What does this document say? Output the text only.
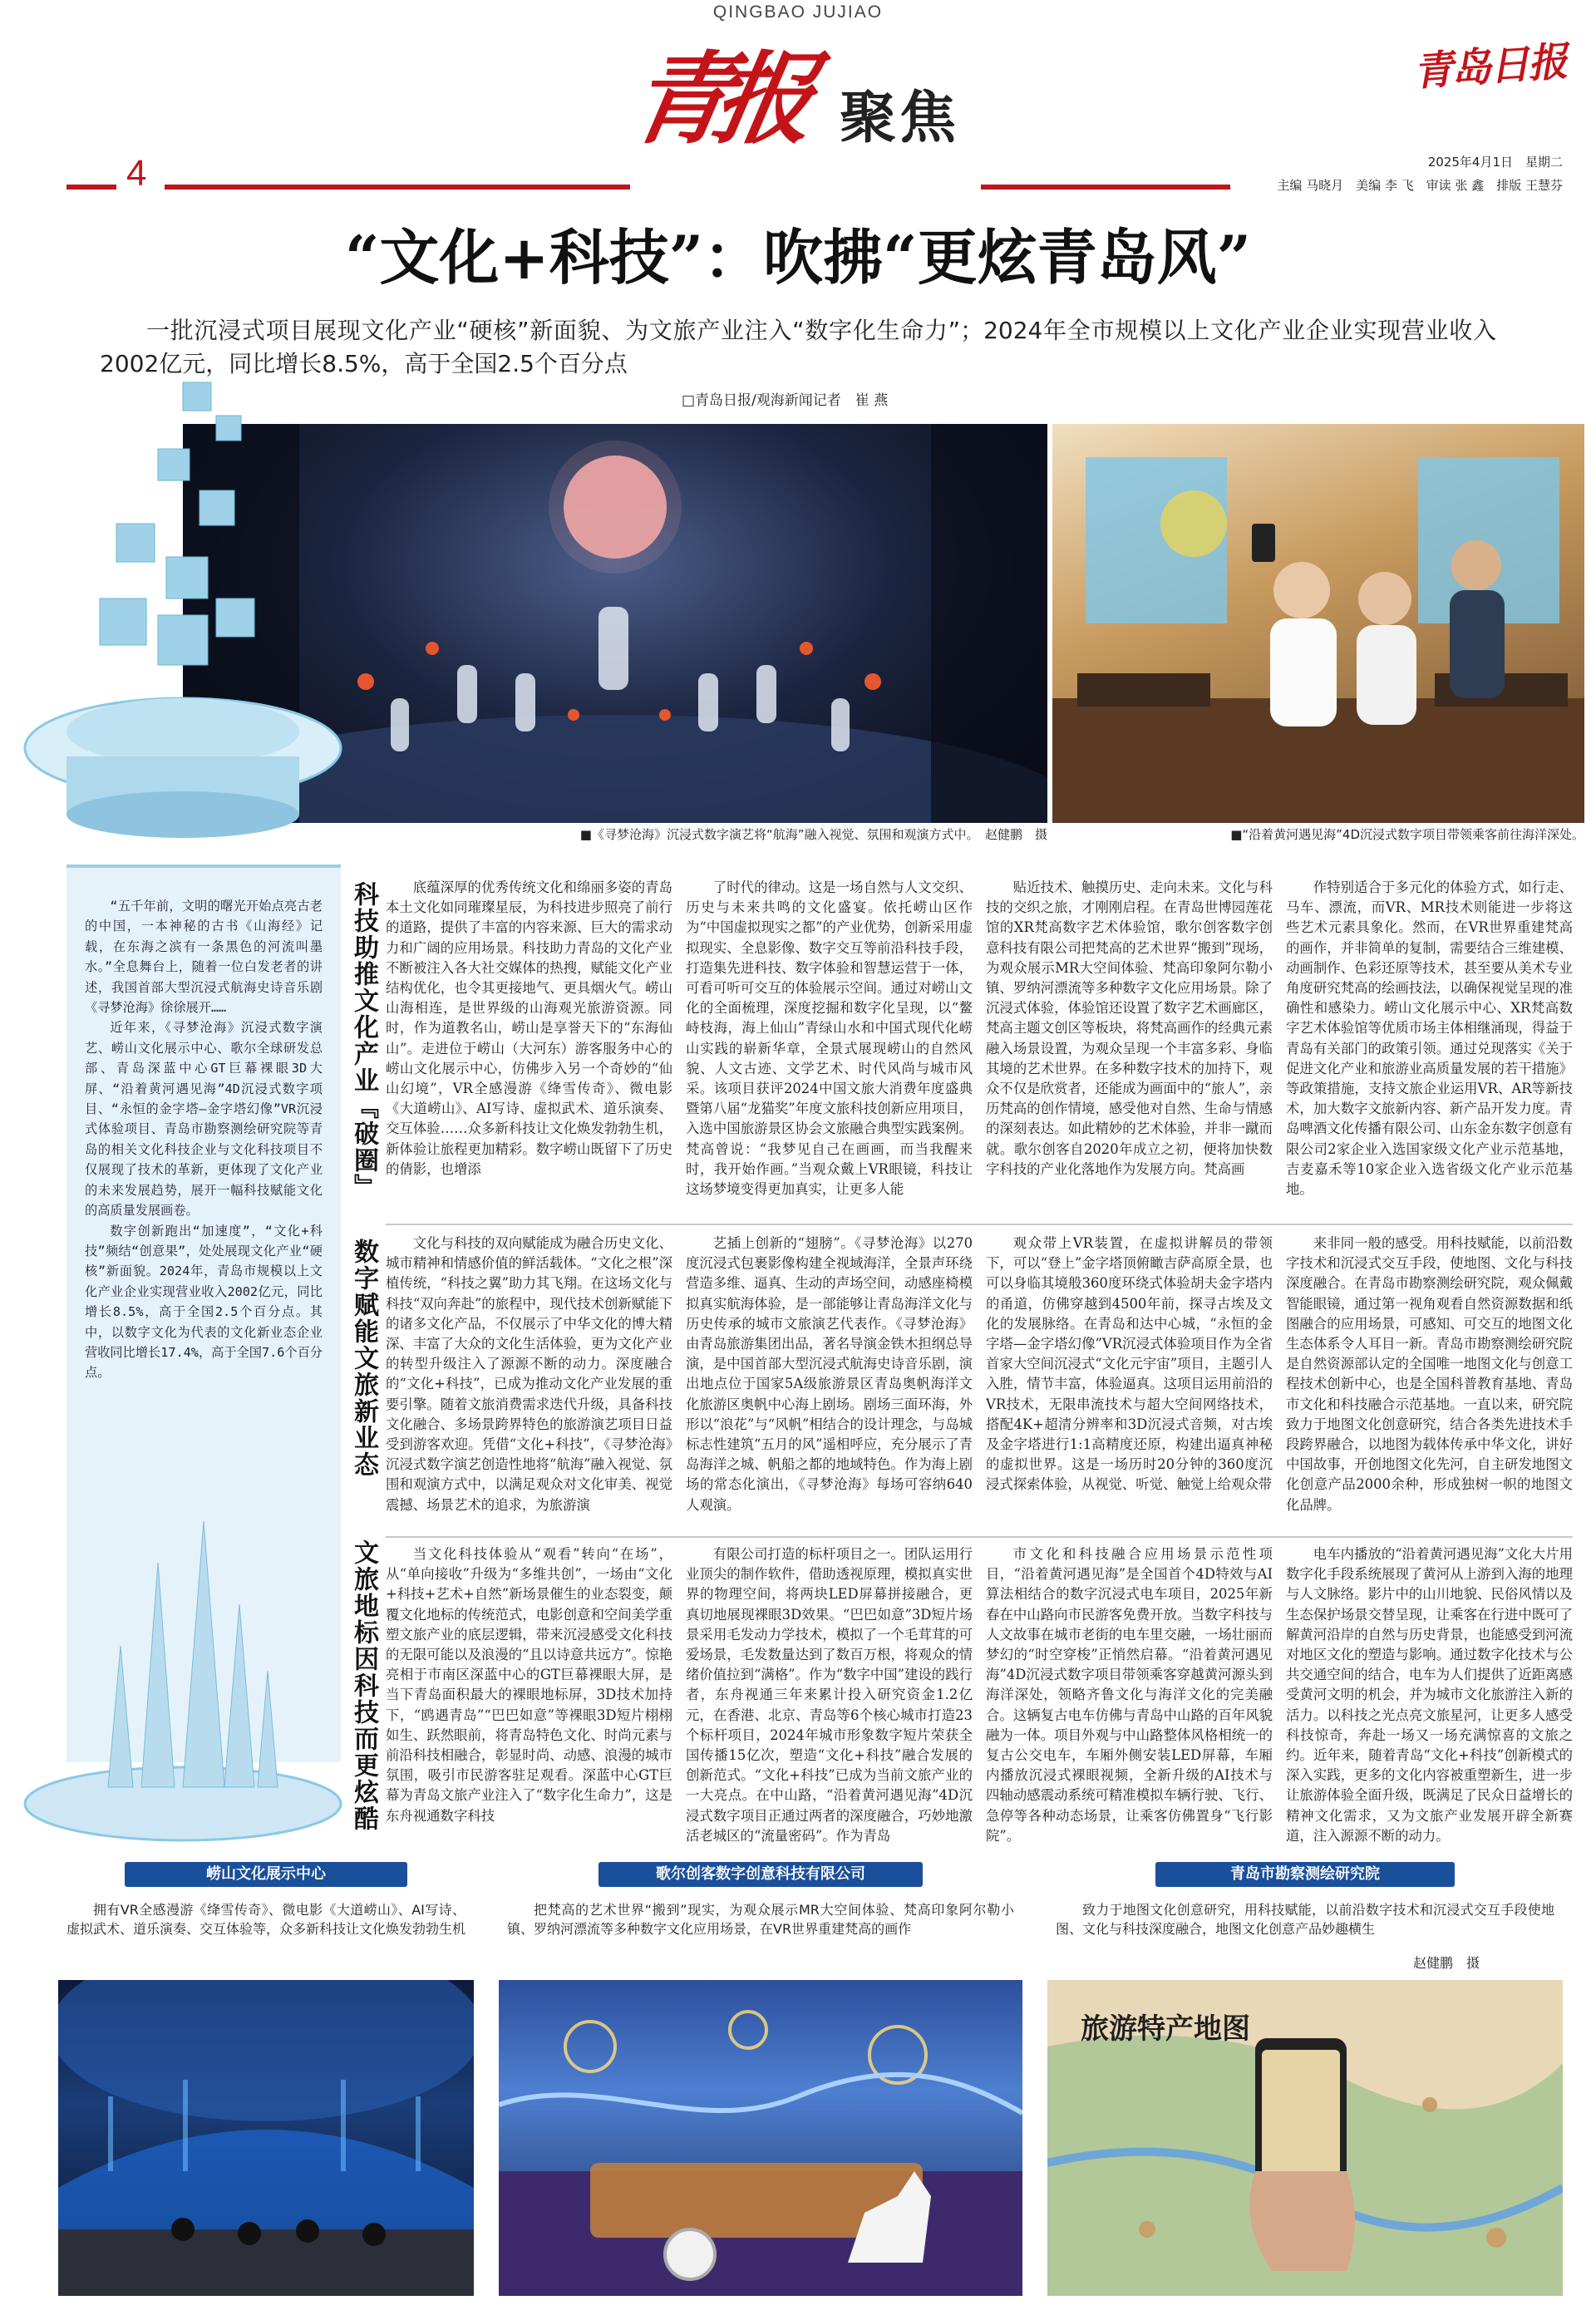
QINGBAO JUJIAO
青岛日报
青报 聚焦
4	2025年4月1日　星期二
主编 马晓月　美编 李 飞　审读 张 鑫　排版 王慧芬
“文化+科技”：吹拂“更炫青岛风”
一批沉浸式项目展现文化产业“硬核”新面貌、为文旅产业注入“数字化生命力”；2024年全市规模以上文化产业企业实现营业收入2002亿元，同比增长8.5%，高于全国2.5个百分点
□青岛日报/观海新闻记者　崔 燕
■《寻梦沧海》沉浸式数字演艺将“航海”融入视觉、氛围和观演方式中。　赵健鹏　摄	■“沿着黄河遇见海”4D沉浸式数字项目带领乘客前往海洋深处。

“五千年前，文明的曙光开始点亮古老的中国，一本神秘的古书《山海经》记载，在东海之滨有一条黑色的河流叫墨水。”全息舞台上，随着一位白发老者的讲述，我国首部大型沉浸式航海史诗音乐剧《寻梦沧海》徐徐展开……

近年来，《寻梦沧海》沉浸式数字演艺、崂山文化展示中心、歌尔全球研发总部、青岛深蓝中心GT巨幕裸眼3D大屏、“沿着黄河遇见海”4D沉浸式数字项目、“永恒的金字塔—金字塔幻像”VR沉浸式体验项目、青岛市勘察测绘研究院等青岛的相关文化科技企业与文化科技项目不仅展现了技术的革新，更体现了文化产业的未来发展趋势，展开一幅科技赋能文化的高质量发展画卷。

数字创新跑出“加速度”，“文化+科技”频结“创意果”，处处展现文化产业“硬核”新面貌。2024年，青岛市规模以上文化产业企业实现营业收入2002亿元，同比增长8.5%，高于全国2.5个百分点。其中，以数字文化为代表的文化新业态企业营收同比增长17.4%，高于全国7.6个百分点。

科技助推文化产业『破圈』
数字赋能文旅新业态
文旅地标因科技而更炫酷

底蕴深厚的优秀传统文化和绵丽多姿的青岛本土文化如同璀璨星辰，为科技进步照亮了前行的道路，提供了丰富的内容来源、巨大的需求动力和广阔的应用场景。科技助力青岛的文化产业不断被注入各大社交媒体的热搜，赋能文化产业结构优化，也令其更接地气、更具烟火气。崂山山海相连，是世界级的山海观光旅游资源。同时，作为道教名山，崂山是享誉天下的“东海仙山”。走进位于崂山（大河东）游客服务中心的崂山文化展示中心，仿佛步入另一个奇妙的“仙山幻境”，VR全感漫游《绛雪传奇》、微电影《大道崂山》、AI写诗、虚拟武术、道乐演奏、交互体验……众多新科技让文化焕发勃勃生机，新体验让旅程更加精彩。数字崂山既留下了历史的倩影，也增添

了时代的律动。这是一场自然与人文交织、历史与未来共鸣的文化盛宴。依托崂山区作为“中国虚拟现实之都”的产业优势，创新采用虚拟现实、全息影像、数字交互等前沿科技手段，打造集先进科技、数字体验和智慧运营于一体，可看可听可交互的体验展示空间。通过对崂山文化的全面梳理，深度挖掘和数字化呈现，以“鳌峙枝海，海上仙山”青绿山水和中国式现代化崂山实践的崭新华章，全景式展现崂山的自然风貌、人文古迹、文学艺术、时代风尚与城市风采。该项目获评2024中国文旅大消费年度盛典暨第八届“龙猫奖”年度文旅科技创新应用项目，入选中国旅游景区协会文旅融合典型实践案例。梵高曾说：“我梦见自己在画画，而当我醒来时，我开始作画。”当观众戴上VR眼镜，科技让这场梦境变得更加真实，让更多人能

贴近技术、触摸历史、走向未来。文化与科技的交织之旅，才刚刚启程。在青岛世博园莲花馆的XR梵高数字艺术体验馆，歌尔创客数字创意科技有限公司把梵高的艺术世界“搬到”现场，为观众展示MR大空间体验、梵高印象阿尔勒小镇、罗纳河漂流等多种数字文化应用场景。除了沉浸式体验，体验馆还设置了数字艺术画廊区，梵高主题文创区等板块，将梵高画作的经典元素融入场景设置，为观众呈现一个丰富多彩、身临其境的艺术世界。在多种数字技术的加持下，观众不仅是欣赏者，还能成为画面中的“旅人”，亲历梵高的创作情境，感受他对自然、生命与情感的深刻表达。如此精妙的艺术体验，并非一蹴而就。歌尔创客自2020年成立之初，便将加快数字科技的产业化落地作为发展方向。梵高画

作特别适合于多元化的体验方式，如行走、马车、漂流，而VR、MR技术则能进一步将这些艺术元素具象化。然而，在VR世界重建梵高的画作，并非简单的复制，需要结合三维建模、动画制作、色彩还原等技术，甚至要从美术专业角度研究梵高的绘画技法，以确保视觉呈现的准确性和感染力。崂山文化展示中心、XR梵高数字艺术体验馆等优质市场主体相继涌现，得益于青岛有关部门的政策引领。通过兑现落实《关于促进文化产业和旅游业高质量发展的若干措施》等政策措施，支持文旅企业运用VR、AR等新技术，加大数字文旅新内容、新产品开发力度。青岛啤酒文化传播有限公司、山东金东数字创意有限公司2家企业入选国家级文化产业示范基地，吉麦嘉禾等10家企业入选省级文化产业示范基地。

文化与科技的双向赋能成为融合历史文化、城市精神和情感价值的鲜活载体。“文化之根”深植传统，“科技之翼”助力其飞翔。在这场文化与科技“双向奔赴”的旅程中，现代技术创新赋能下的诸多文化产品，不仅展示了中华文化的博大精深、丰富了大众的文化生活体验，更为文化产业的转型升级注入了源源不断的动力。深度融合的“文化+科技”，已成为推动文化产业发展的重要引擎。随着文旅消费需求迭代升级，具备科技文化融合、多场景跨界特色的旅游演艺项目日益受到游客欢迎。凭借“文化+科技”，《寻梦沧海》沉浸式数字演艺创造性地将“航海”融入视觉、氛围和观演方式中，以满足观众对文化审美、视觉震撼、场景艺术的追求，为旅游演

艺插上创新的“翅膀”。《寻梦沧海》以270度沉浸式包裹影像构建全视域海洋，全景声环绕营造多维、逼真、生动的声场空间，动感座椅模拟真实航海体验，是一部能够让青岛海洋文化与历史传承的城市文旅演艺代表作。《寻梦沧海》由青岛旅游集团出品，著名导演金铁木担纲总导演，是中国首部大型沉浸式航海史诗音乐剧，演出地点位于国家5A级旅游景区青岛奥帆海洋文化旅游区奥帆中心海上剧场。剧场三面环海，外形以“浪花”与“风帆”相结合的设计理念，与岛城标志性建筑“五月的风”遥相呼应，充分展示了青岛海洋之城、帆船之都的地域特色。作为海上剧场的常态化演出，《寻梦沧海》每场可容纳640人观演。

观众带上VR装置，在虚拟讲解员的带领下，可以“登上”金字塔顶俯瞰吉萨高原全景，也可以身临其境般360度环绕式体验胡夫金字塔内的甬道，仿佛穿越到4500年前，探寻古埃及文化的发展脉络。在青岛和达中心城，“永恒的金字塔—金字塔幻像”VR沉浸式体验项目作为全省首家大空间沉浸式“文化元宇宙”项目，主题引人入胜，情节丰富，体验逼真。这项目运用前沿的VR技术，无限串流技术与超大空间网络技术，搭配4K+超清分辨率和3D沉浸式音频，对古埃及金字塔进行1:1高精度还原，构建出逼真神秘的虚拟世界。这是一场历时20分钟的360度沉浸式探索体验，从视觉、听觉、触觉上给观众带

来非同一般的感受。用科技赋能，以前沿数字技术和沉浸式交互手段，使地图、文化与科技深度融合。在青岛市勘察测绘研究院，观众佩戴智能眼镜，通过第一视角观看自然资源数据和纸图融合的应用场景，可感知、可交互的地图文化生态体系令人耳目一新。青岛市勘察测绘研究院是自然资源部认定的全国唯一地图文化与创意工程技术创新中心，也是全国科普教育基地、青岛市文化和科技融合示范基地。一直以来，研究院致力于地图文化创意研究，结合各类先进技术手段跨界融合，以地图为载体传承中华文化，讲好中国故事，开创地图文化先河，自主研发地图文化创意产品2000余种，形成独树一帜的地图文化品牌。

当文化科技体验从“观看”转向“在场”，从“单向接收”升级为“多维共创”，一场由“文化+科技+艺术+自然”新场景催生的业态裂变，颠覆文化地标的传统范式，电影创意和空间美学重塑文旅产业的底层逻辑，带来沉浸感受文化科技的无限可能以及浪漫的“且以诗意共远方”。惊艳亮相于市南区深蓝中心的GT巨幕裸眼大屏，是当下青岛面积最大的裸眼地标屏，3D技术加持下，“鸥遇青岛”“巴巴如意”等裸眼3D短片栩栩如生、跃然眼前，将青岛特色文化、时尚元素与前沿科技相融合，彰显时尚、动感、浪漫的城市氛围，吸引市民游客驻足观看。深蓝中心GT巨幕为青岛文旅产业注入了“数字化生命力”，这是东舟视通数字科技

有限公司打造的标杆项目之一。团队运用行业顶尖的制作软件，借助透视原理，模拟真实世界的物理空间，将两块LED屏幕拼接融合，更真切地展现裸眼3D效果。“巴巴如意”3D短片场景采用毛发动力学技术，模拟了一个毛茸茸的可爱场景，毛发数量达到了数百万根，将观众的情绪价值拉到“满格”。作为“数字中国”建设的践行者，东舟视通三年来累计投入研究资金1.2亿元，在香港、北京、青岛等6个核心城市打造23个标杆项目，2024年城市形象数字短片荣获全国传播15亿次，塑造“文化+科技”融合发展的创新范式。“文化+科技”已成为当前文旅产业的一大亮点。在中山路，“沿着黄河遇见海”4D沉浸式数字项目正通过两者的深度融合，巧妙地激活老城区的“流量密码”。作为青岛

市文化和科技融合应用场景示范性项目，“沿着黄河遇见海”是全国首个4D特效与AI算法相结合的数字沉浸式电车项目，2025年新春在中山路向市民游客免费开放。当数字科技与人文故事在城市老街的电车里交融，一场壮丽而梦幻的“时空穿梭”正悄然启幕。“沿着黄河遇见海”4D沉浸式数字项目带领乘客穿越黄河源头到海洋深处，领略齐鲁文化与海洋文化的完美融合。这辆复古电车仿佛与青岛中山路的百年风貌融为一体。项目外观与中山路整体风格相统一的复古公交电车，车厢外侧安装LED屏幕，车厢内播放沉浸式裸眼视频，全新升级的AI技术与四轴动感震动系统可精准模拟车辆行驶、飞行、急停等各种动态场景，让乘客仿佛置身“飞行影院”。

电车内播放的“沿着黄河遇见海”文化大片用数字化手段系统展现了黄河从上游到入海的地理与人文脉络。影片中的山川地貌、民俗风情以及生态保护场景交替呈现，让乘客在行进中既可了解黄河沿岸的自然与历史背景，也能感受到河流对地区文化的塑造与影响。通过数字化技术与公共交通空间的结合，电车为人们提供了近距离感受黄河文明的机会，并为城市文化旅游注入新的活力。以科技之光点亮文旅星河，让更多人感受科技惊奇，奔赴一场又一场充满惊喜的文旅之约。近年来，随着青岛“文化+科技”创新模式的深入实践，更多的文化内容被重塑新生，进一步让旅游体验全面升级，既满足了民众日益增长的精神文化需求，又为文旅产业发展开辟全新赛道，注入源源不断的动力。

崂山文化展示中心
拥有VR全感漫游《绛雪传奇》、微电影《大道崂山》、AI写诗、虚拟武术、道乐演奏、交互体验等，众多新科技让文化焕发勃勃生机
歌尔创客数字创意科技有限公司
把梵高的艺术世界“搬到”现实，为观众展示MR大空间体验、梵高印象阿尔勒小镇、罗纳河漂流等多种数字文化应用场景，在VR世界重建梵高的画作
青岛市勘察测绘研究院
致力于地图文化创意研究，用科技赋能，以前沿数字技术和沉浸式交互手段使地图、文化与科技深度融合，地图文化创意产品妙趣横生
赵健鹏　摄
旅游特产地图
